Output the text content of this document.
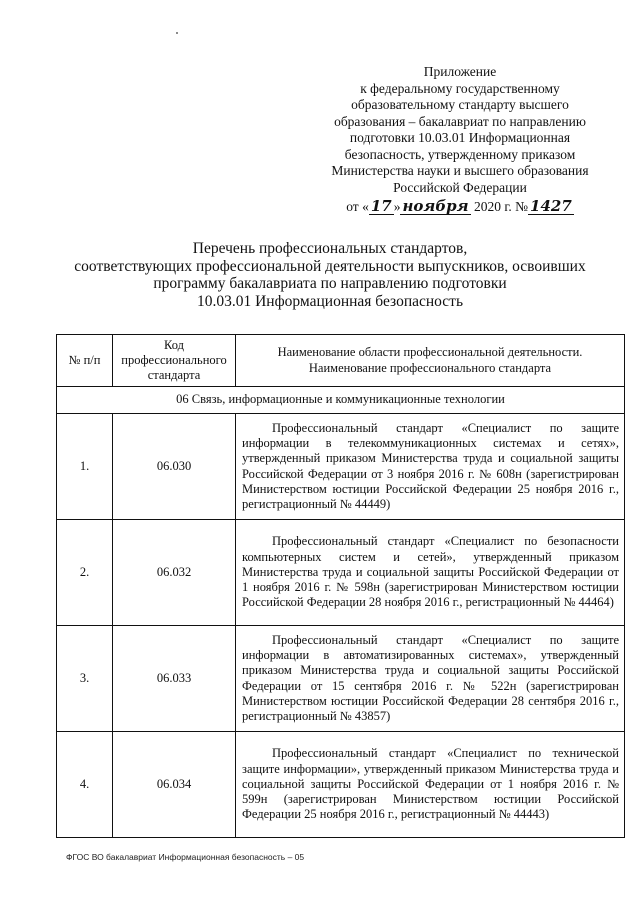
Приложение
к федеральному государственному
образовательному стандарту высшего
образования – бакалавриат по направлению
подготовки 10.03.01 Информационная
безопасность, утвержденному приказом
Министерства науки и высшего образования
Российской Федерации
от « 17 » ноября 2020 г. № 1427
Перечень профессиональных стандартов,
соответствующих профессиональной деятельности выпускников, освоивших
программу бакалавриата по направлению подготовки
10.03.01 Информационная безопасность
№ п/п	Код профессионального стандарта	Наименование области профессиональной деятельности. Наименование профессионального стандарта
06 Связь, информационные и коммуникационные технологии		
1.	06.030	Профессиональный стандарт «Специалист по защите информации в телекоммуникационных системах и сетях», утвержденный приказом Министерства труда и социальной защиты Российской Федерации от 3 ноября 2016 г. № 608н (зарегистрирован Министерством юстиции Российской Федерации 25 ноября 2016 г., регистрационный № 44449)
2.	06.032	Профессиональный стандарт «Специалист по безопасности компьютерных систем и сетей», утвержденный приказом Министерства труда и социальной защиты Российской Федерации от 1 ноября 2016 г. № 598н (зарегистрирован Министерством юстиции Российской Федерации 28 ноября 2016 г., регистрационный № 44464)
3.	06.033	Профессиональный стандарт «Специалист по защите информации в автоматизированных системах», утвержденный приказом Министерства труда и социальной защиты Российской Федерации от 15 сентября 2016 г. № 522н (зарегистрирован Министерством юстиции Российской Федерации 28 сентября 2016 г., регистрационный № 43857)
4.	06.034	Профессиональный стандарт «Специалист по технической защите информации», утвержденный приказом Министерства труда и социальной защиты Российской Федерации от 1 ноября 2016 г. № 599н (зарегистрирован Министерством юстиции Российской Федерации 25 ноября 2016 г., регистрационный № 44443)
ФГОС ВО бакалавриат Информационная безопасность – 05
